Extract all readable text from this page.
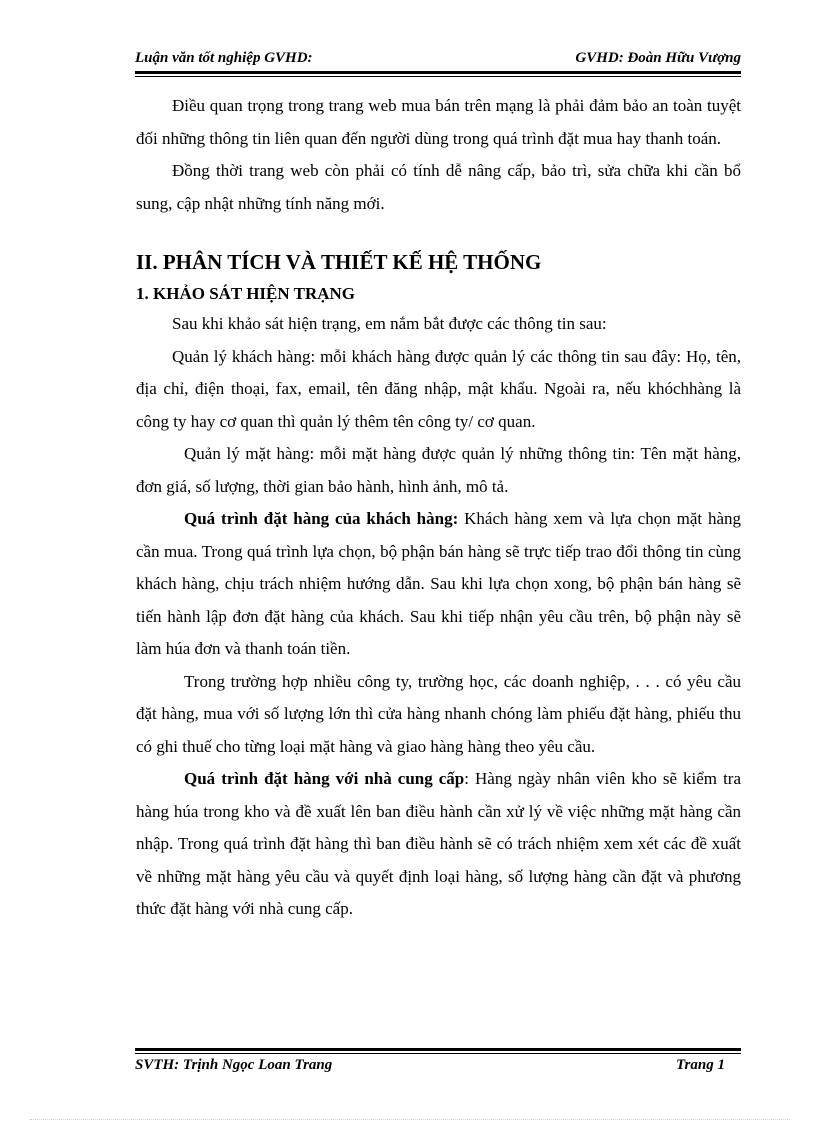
Luận văn tốt nghiệp GVHD:	GVHD: Đoàn Hữu Vượng

Điều quan trọng trong trang web mua bán trên mạng là phải đảm bảo an toàn tuyệt đối những thông tin liên quan đến người dùng trong quá trình đặt mua hay thanh toán.

Đồng thời trang web còn phải có tính dễ nâng cấp, bảo trì, sửa chữa khi cần bổ sung, cập nhật những tính năng mới.

II. PHÂN TÍCH VÀ THIẾT KẾ HỆ THỐNG
1. KHẢO SÁT HIỆN TRẠNG

Sau khi khảo sát hiện trạng, em nắm bắt được các thông tin sau:

Quản lý khách hàng: mỗi khách hàng được quản lý các thông tin sau đây: Họ, tên, địa chỉ, điện thoại, fax, email, tên đăng nhập, mật khẩu. Ngoài ra, nếu khóchhàng là công ty hay cơ quan thì quản lý thêm tên công ty/ cơ quan.

Quản lý mặt hàng: mỗi mặt hàng được quản lý những thông tin: Tên mặt hàng, đơn giá, số lượng, thời gian bảo hành, hình ảnh, mô tả.

Quá trình đặt hàng của khách hàng: Khách hàng xem và lựa chọn mặt hàng cần mua. Trong quá trình lựa chọn, bộ phận bán hàng sẽ trực tiếp trao đổi thông tin cùng khách hàng, chịu trách nhiệm hướng dẫn. Sau khi lựa chọn xong, bộ phận bán hàng sẽ tiến hành lập đơn đặt hàng của khách. Sau khi tiếp nhận yêu cầu trên, bộ phận này sẽ làm húa đơn và thanh toán tiền.

Trong trường hợp nhiều công ty, trường học, các doanh nghiệp, . . . có yêu cầu đặt hàng, mua với số lượng lớn thì cửa hàng nhanh chóng làm phiếu đặt hàng, phiếu thu có ghi thuế cho từng loại mặt hàng và giao hàng hàng theo yêu cầu.

Quá trình đặt hàng với nhà cung cấp: Hàng ngày nhân viên kho sẽ kiểm tra hàng húa trong kho và đề xuất lên ban điều hành cần xử lý về việc những mặt hàng cần nhập. Trong quá trình đặt hàng thì ban điều hành sẽ có trách nhiệm xem xét các đề xuất về những mặt hàng yêu cầu và quyết định loại hàng, số lượng hàng cần đặt và phương thức đặt hàng với nhà cung cấp.

SVTH: Trịnh Ngọc Loan Trang	Trang 1
